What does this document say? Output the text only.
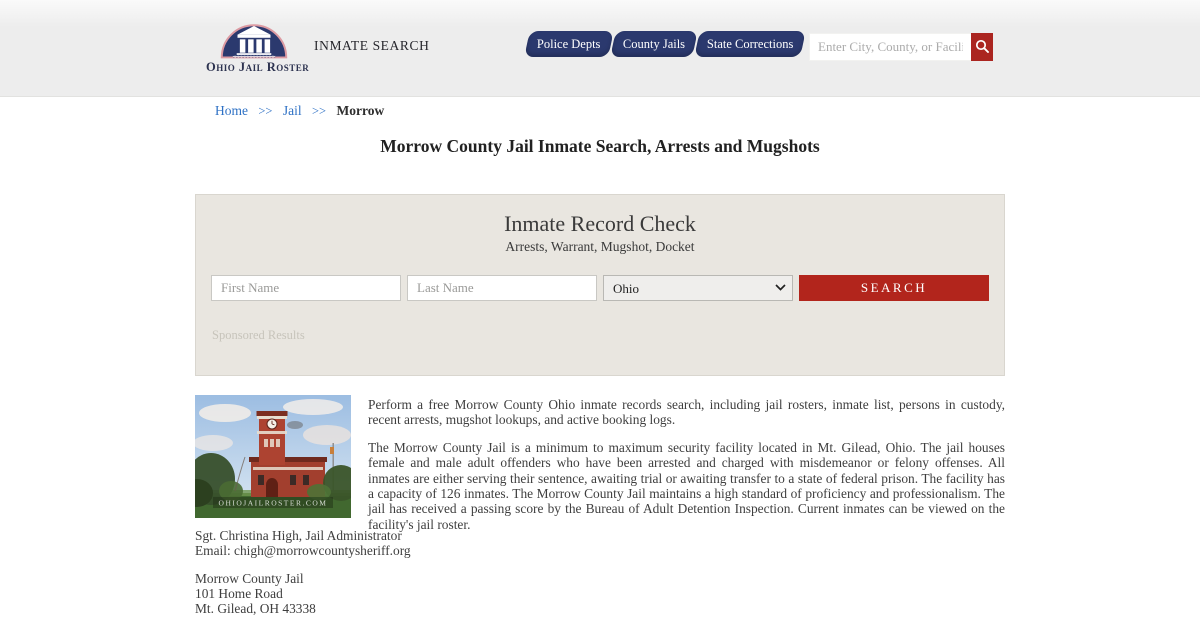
Ohio Jail Roster
INMATE SEARCH	Police Depts County Jails State Corrections
Enter City, County, or Facility
Home >> Jail >> Morrow
Morrow County Jail Inmate Search, Arrests and Mugshots
Inmate Record Check
Arrests, Warrant, Mugshot, Docket
First Name
Last Name
Ohio
SEARCH
Sponsored Results
OHIOJAILROSTER.COM

Perform a free Morrow County Ohio inmate records search, including jail rosters, inmate list, persons in custody, recent arrests, mugshot lookups, and active booking logs.

The Morrow County Jail is a minimum to maximum security facility located in Mt. Gilead, Ohio. The jail houses female and male adult offenders who have been arrested and charged with misdemeanor or felony offenses. All inmates are either serving their sentence, awaiting trial or awaiting transfer to a state of federal prison. The facility has a capacity of 126 inmates. The Morrow County Jail maintains a high standard of proficiency and professionalism. The jail has received a passing score by the Bureau of Adult Detention Inspection. Current inmates can be viewed on the facility's jail roster.

Sgt. Christina High, Jail Administrator
Email: chigh@morrowcountysheriff.org
Morrow County Jail
101 Home Road
Mt. Gilead, OH 43338
